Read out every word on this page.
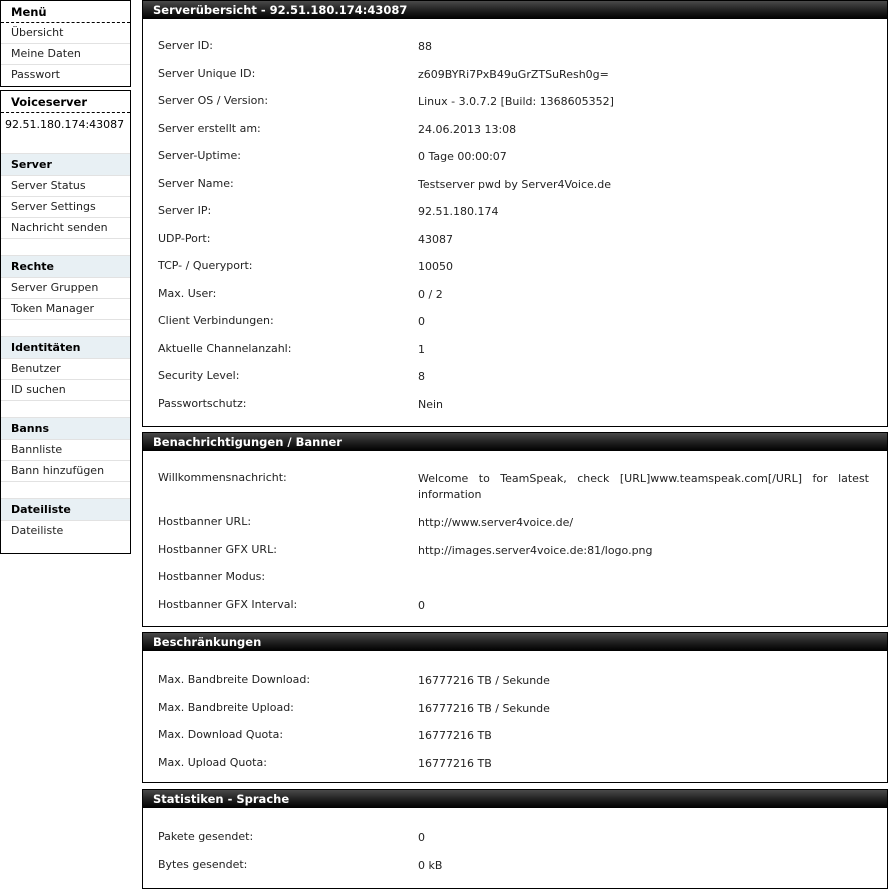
Menü
Übersicht
Meine Daten
Passwort
Voiceserver
92.51.180.174:43087
Server
Server Status
Server Settings
Nachricht senden
Rechte
Server Gruppen
Token Manager
Identitäten
Benutzer
ID suchen
Banns
Bannliste
Bann hinzufügen
Dateiliste
Dateiliste
Serverübersicht - 92.51.180.174:43087
Server ID:	88
Server Unique ID:	z609BYRi7PxB49uGrZTSuResh0g=
Server OS / Version:	Linux - 3.0.7.2 [Build: 1368605352]
Server erstellt am:	24.06.2013 13:08
Server-Uptime:	0 Tage 00:00:07
Server Name:	Testserver pwd by Server4Voice.de
Server IP:	92.51.180.174
UDP-Port:	43087
TCP- / Queryport:	10050
Max. User:	0 / 2
Client Verbindungen:	0
Aktuelle Channelanzahl:	1
Security Level:	8
Passwortschutz:	Nein
Benachrichtigungen / Banner
Willkommensnachricht:	Welcome to TeamSpeak, check [URL]www.teamspeak.com[/URL] for latest information
Hostbanner URL:	http://www.server4voice.de/
Hostbanner GFX URL:	http://images.server4voice.de:81/logo.png
Hostbanner Modus:
Hostbanner GFX Interval:	0
Beschränkungen
Max. Bandbreite Download:	16777216 TB / Sekunde
Max. Bandbreite Upload:	16777216 TB / Sekunde
Max. Download Quota:	16777216 TB
Max. Upload Quota:	16777216 TB
Statistiken - Sprache
Pakete gesendet:	0
Bytes gesendet:	0 kB
